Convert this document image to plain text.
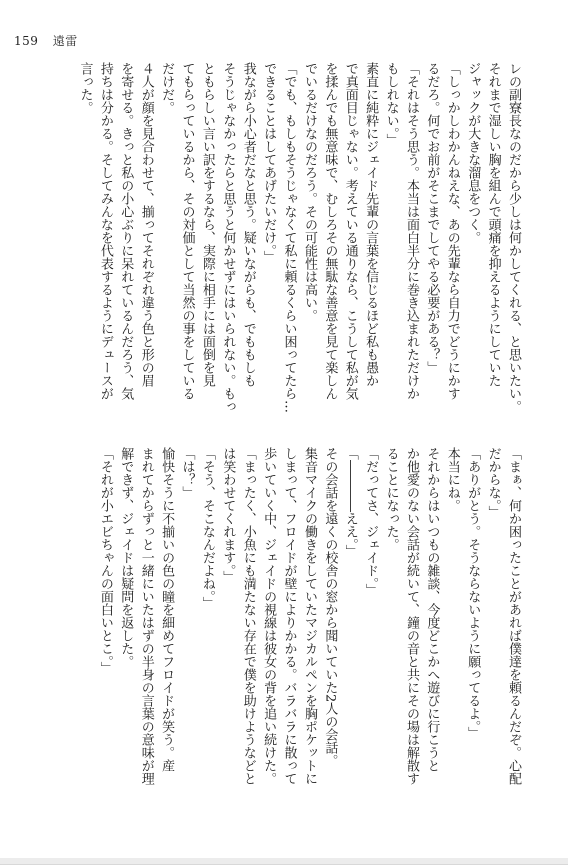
159 遠雷
レの副寮長なのだから少しは何かしてくれる、と思いたい。
それまで湿しい胸を組んで頭痛を抑えるようにしていた
ジャックが大きな溜息をつく。
「しっかしわかんねえな、あの先輩なら自力でどうにかす
るだろ。何でお前がそこまでしてやる必要がある？」
「それはそう思う。本当は面白半分に巻き込まれただけか
もしれない。」
素直に純粋にジェイド先輩の言葉を信じるほど私も愚か
で真面目じゃない。考えている通りなら、こうして私が気
を揉んでも無意味で、むしろその無駄な善意を見て楽しん
でいるだけなのだろう。その可能性は高い。
「でも、もしもそうじゃなくて私に頼るくらい困ってたら…
できることはしてあげたいだけ。」
我ながら小心者だなと思う。疑いながらも、でももしも
そうじゃなかったらと思うと何かせずにはいられない。もっ
ともらしい言い訳をするなら、実際に相手には面倒を見
てもらっているから、その対価として当然の事をしている
だけだ。
４人が顔を見合わせて、揃ってそれぞれ違う色と形の眉
を寄せる。きっと私の小心ぶりに呆れているんだろう、気
持ちは分かる。そしてみんなを代表するようにデュースが
言った。
「まぁ、何か困ったことがあれば僕達を頼るんだぞ。心配
だからな。」
「ありがとう。そうならないように願ってるよ。」
本当にね。
それからはいつもの雑談、今度どこかへ遊びに行こうと
か他愛のない会話が続いて、鐘の音と共にその場は解散す
ることになった。
「だってさ、ジェイド。」
「――――ええ。」
その会話を遠くの校舎の窓から聞いていた2人の会話。
集音マイクの働きをしていたマジカルペンを胸ポケットに
しまって、フロイドが壁によりかかる。バラバラに散って
歩いていく中、ジェイドの視線は彼女の背を追い続けた。
「まったく、小魚にも満たない存在で僕を助けようなどと
は笑わせてくれます。」
「そう、そこなんだよね。」
「は？」
愉快そうに不揃いの色の瞳を細めてフロイドが笑う。産
まれてからずっと一緒にいたはずの半身の言葉の意味が理
解できず、ジェイドは疑問を返した。
「それが小エビちゃんの面白いとこ。」
